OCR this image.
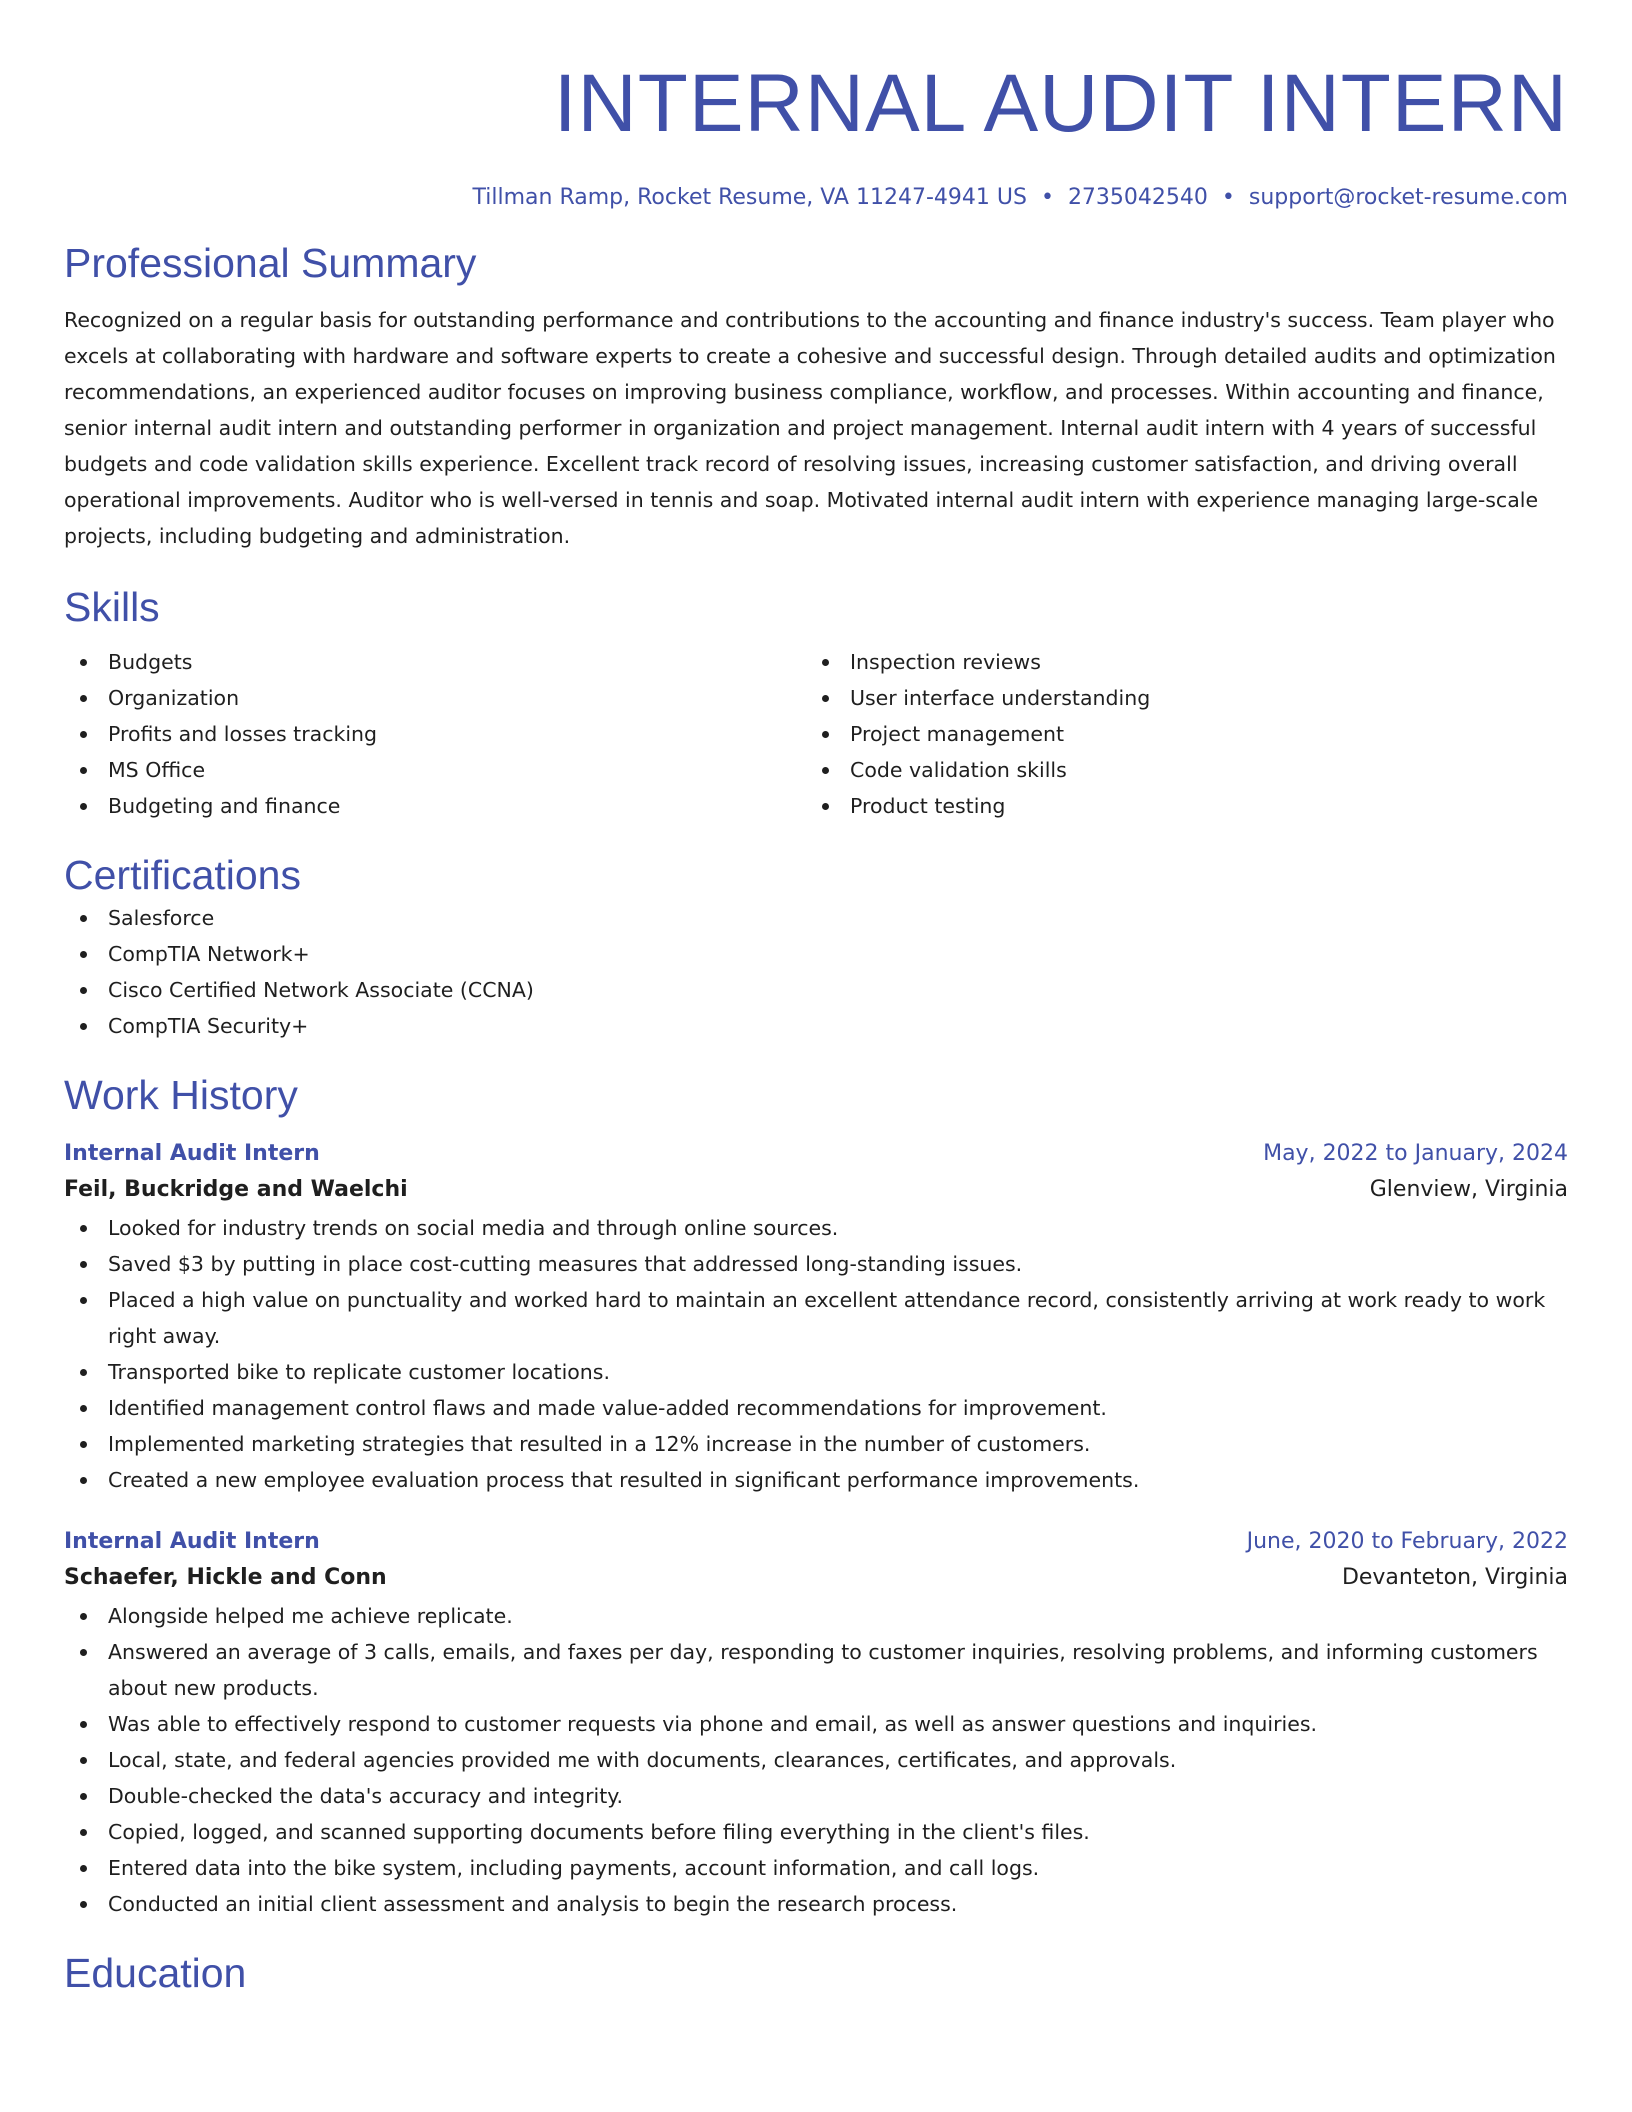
INTERNAL AUDIT INTERN
Tillman Ramp, Rocket Resume, VA 11247-4941 US • 2735042540 • support@rocket-resume.com
Professional Summary

Recognized on a regular basis for outstanding performance and contributions to the accounting and finance industry's success. Team player who excels at collaborating with hardware and software experts to create a cohesive and successful design. Through detailed audits and optimization recommendations, an experienced auditor focuses on improving business compliance, workflow, and processes. Within accounting and finance, senior internal audit intern and outstanding performer in organization and project management. Internal audit intern with 4 years of successful budgets and code validation skills experience. Excellent track record of resolving issues, increasing customer satisfaction, and driving overall operational improvements. Auditor who is well-versed in tennis and soap. Motivated internal audit intern with experience managing large-scale projects, including budgeting and administration.

Skills
Budgets
Organization
Profits and losses tracking
MS Office
Budgeting and finance
Inspection reviews
User interface understanding
Project management
Code validation skills
Product testing
Certifications
Salesforce
CompTIA Network+
Cisco Certified Network Associate (CCNA)
CompTIA Security+
Work History
Internal Audit Intern	May, 2022 to January, 2024
Feil, Buckridge and Waelchi	Glenview, Virginia
Looked for industry trends on social media and through online sources.
Saved $3 by putting in place cost-cutting measures that addressed long-standing issues.
Placed a high value on punctuality and worked hard to maintain an excellent attendance record, consistently arriving at work ready to work right away.
Transported bike to replicate customer locations.
Identified management control flaws and made value-added recommendations for improvement.
Implemented marketing strategies that resulted in a 12% increase in the number of customers.
Created a new employee evaluation process that resulted in significant performance improvements.
Internal Audit Intern	June, 2020 to February, 2022
Schaefer, Hickle and Conn	Devanteton, Virginia
Alongside helped me achieve replicate.
Answered an average of 3 calls, emails, and faxes per day, responding to customer inquiries, resolving problems, and informing customers about new products.
Was able to effectively respond to customer requests via phone and email, as well as answer questions and inquiries.
Local, state, and federal agencies provided me with documents, clearances, certificates, and approvals.
Double-checked the data's accuracy and integrity.
Copied, logged, and scanned supporting documents before filing everything in the client's files.
Entered data into the bike system, including payments, account information, and call logs.
Conducted an initial client assessment and analysis to begin the research process.
Education
